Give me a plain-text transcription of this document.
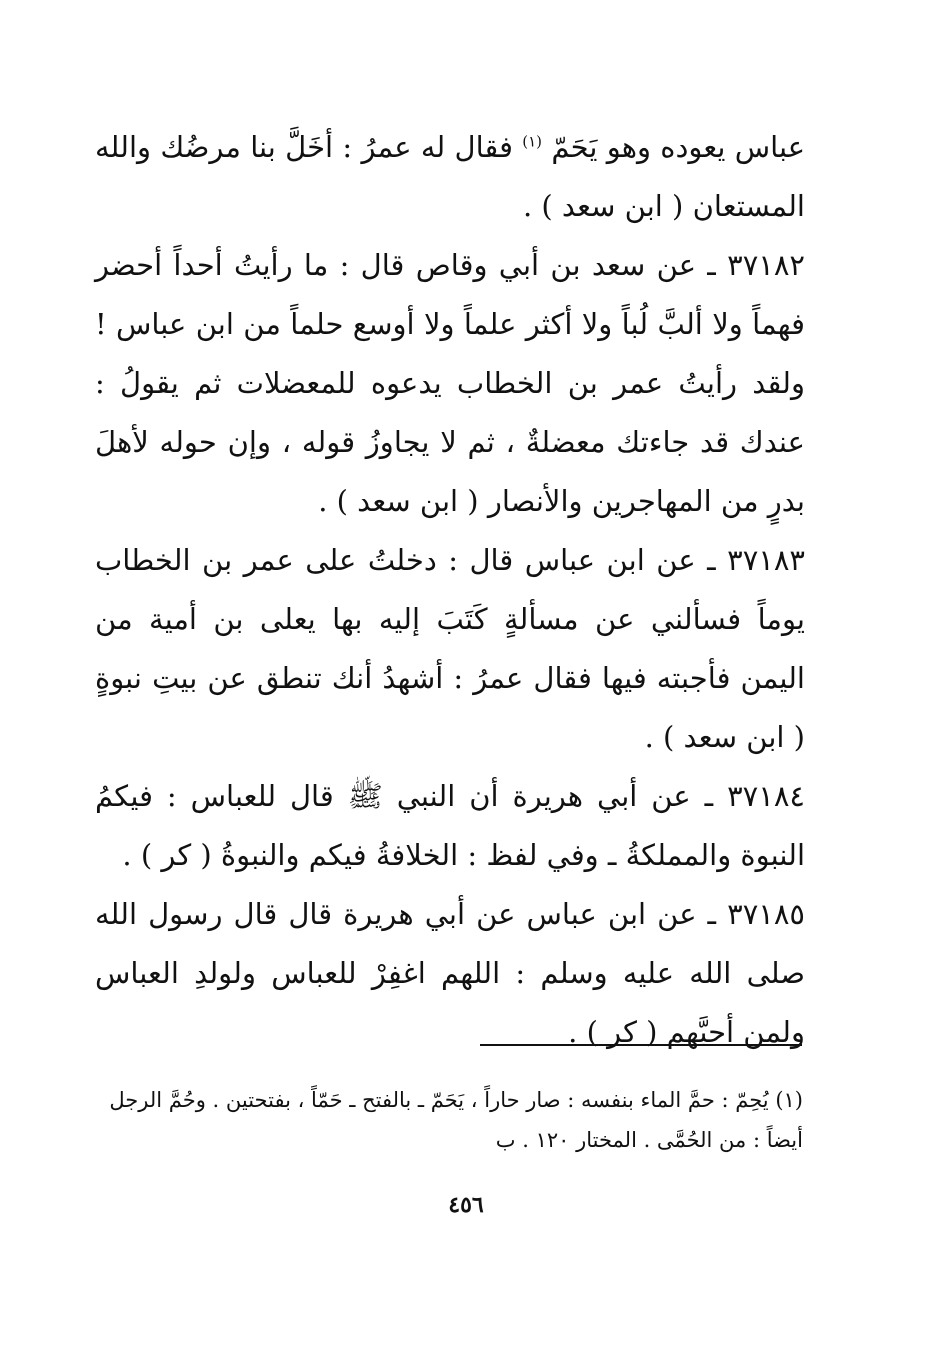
عباس يعوده وهو يَحَمّ $^{(١)}$ فقال له عمرُ : أخَلَّ بنا مرضُك والله المستعان ( ابن سعد ) .

٣٧١٨٢ ـ عن سعد بن أبي وقاص قال : ما رأيتُ أحداً أحضر فهماً ولا ألبَّ لُباً ولا أكثر علماً ولا أوسع حلماً من ابن عباس ! ولقد رأيتُ عمر بن الخطاب يدعوه للمعضلات ثم يقولُ : عندك قد جاءتك معضلةٌ ، ثم لا يجاوزُ قوله ، وإن حوله لأهلَ بدرٍ من المهاجرين والأنصار ( ابن سعد ) .

٣٧١٨٣ ـ عن ابن عباس قال : دخلتُ على عمر بن الخطاب يوماً فسألني عن مسألةٍ كَتَبَ إليه بها يعلى بن أمية من اليمن فأجبته فيها فقال عمرُ : أشهدُ أنك تنطق عن بيتِ نبوةٍ ( ابن سعد ) .

٣٧١٨٤ ـ عن أبي هريرة أن النبي ﷺ قال للعباس : فيكمُ النبوة والمملكةُ ـ وفي لفظ : الخلافةُ فيكم والنبوةُ ( كر ) .

٣٧١٨٥ ـ عن ابن عباس عن أبي هريرة قال قال رسول الله صلى الله عليه وسلم : اللهم اغفِرْ للعباس ولولدِ العباس ولمن أحبَّهم ( كر ) .

(١) يُحِمّ : حمَّ الماء بنفسه : صار حاراً ، يَحَمّ ـ بالفتح ـ حَمّاً ، بفتحتين . وحُمَّ الرجل أيضاً : من الحُمَّى . المختار ١٢٠ . ب
٤٥٦
